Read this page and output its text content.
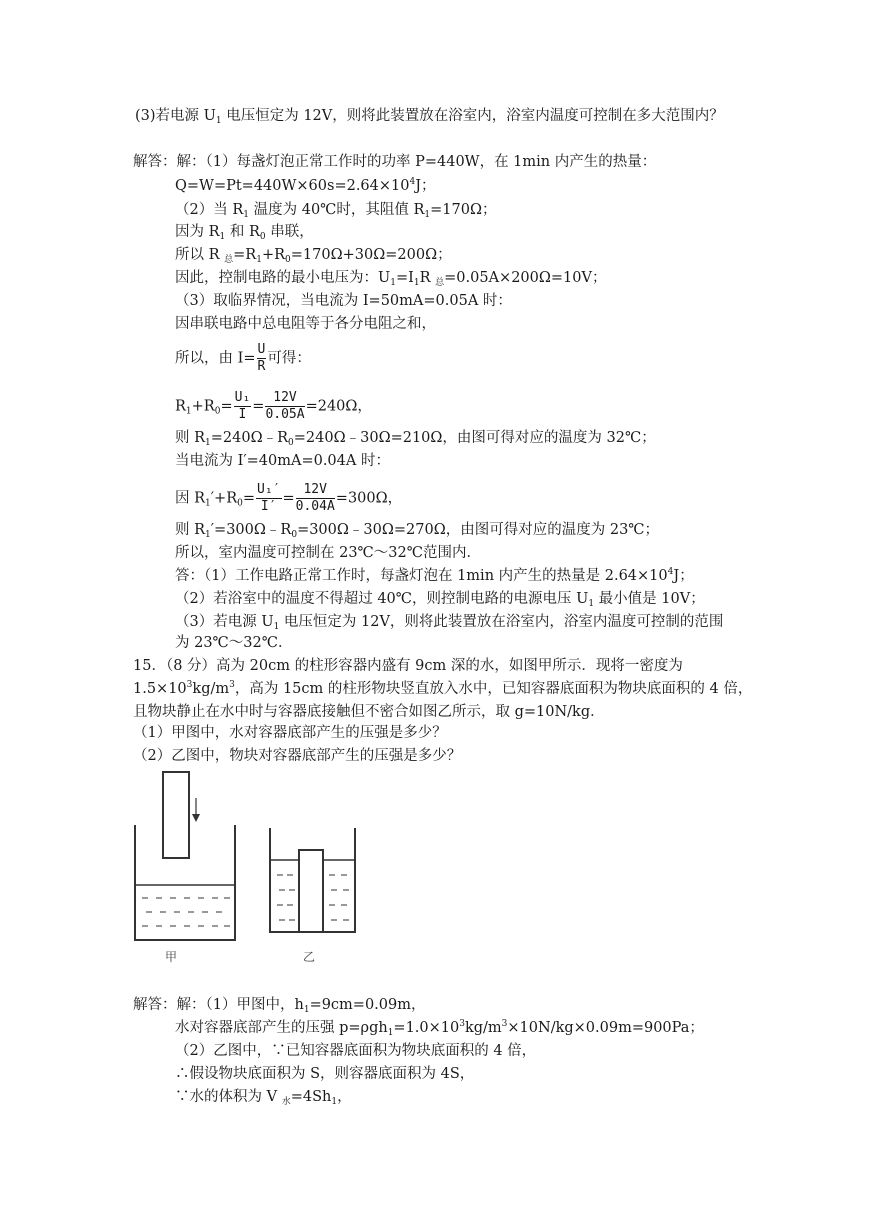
(3)若电源 $U_1$ 电压恒定为 12V，则将此装置放在浴室内，浴室内温度可控制在多大范围内？
解答：解：（1）每盏灯泡正常工作时的功率 P=440W，在 1min 内产生的热量：
$Q=W=Pt=440W\times 60s=2.64\times 10^4J$；
（2）当 $R_1$ 温度为 40℃时，其阻值 $R_1=170\Omega$；
因为 $R_1$ 和 $R_0$ 串联，
所以 R $_总=R_1+R_0=170\Omega+30\Omega=200\Omega$；
因此，控制电路的最小电压为：$U_1=I_1R$ $_总$=0.05A×200Ω=10V；
（3）取临界情况，当电流为 I=50mA=0.05A 时：
因串联电路中总电阻等于各分电阻之和，
所以，由 $I= \frac{U}{R}$ 可得：
$R_1+R_0= \frac{\text{U₁}}{I} = \frac{12V}{0.05A} =240\Omega$，
则 $R_1=240\Omega﹣R_0=240\Omega﹣30\Omega=210\Omega$，由图可得对应的温度为 32℃；
当电流为 I′=40mA=0.04A 时：
因 $R_1'+R_0= \frac{\text{U₁′}}{I'} = \frac{12V}{0.04A} =300\Omega$，
则 $R_1'=300\Omega﹣R_0=300\Omega﹣30\Omega=270\Omega$，由图可得对应的温度为 23℃；
所以，室内温度可控制在 23℃～32℃范围内．
答：（1）工作电路正常工作时，每盏灯泡在 1min 内产生的热量是 $2.64\times 10^4J$；
（2）若浴室中的温度不得超过 40℃，则控制电路的电源电压 $U_1$ 最小值是 10V；
（3）若电源 $U_1$ 电压恒定为 12V，则将此装置放在浴室内，浴室内温度可控制的范围
为 23℃～32℃．
15．（8 分）高为 20cm 的柱形容器内盛有 9cm 深的水，如图甲所示．现将一密度为
$1.5\times 10^3kg/m^3$，高为 15cm 的柱形物块竖直放入水中，已知容器底面积为物块底面积的 4 倍，
且物块静止在水中时与容器底接触但不密合如图乙所示，取 g=10N/kg．
（1）甲图中，水对容器底部产生的压强是多少？
（2）乙图中，物块对容器底部产生的压强是多少？
甲	乙
解答：解：（1）甲图中，$h_1=9cm=0.09m$，
水对容器底部产生的压强 $p=\rho gh_1=1.0\times 10^3kg/m^3\times 10N/kg\times 0.09m=900Pa$；
（2）乙图中，∵已知容器底面积为物块底面积的 4 倍，
∴假设物块底面积为 S，则容器底面积为 4S，
∵水的体积为 V $_水=4Sh_1$，
